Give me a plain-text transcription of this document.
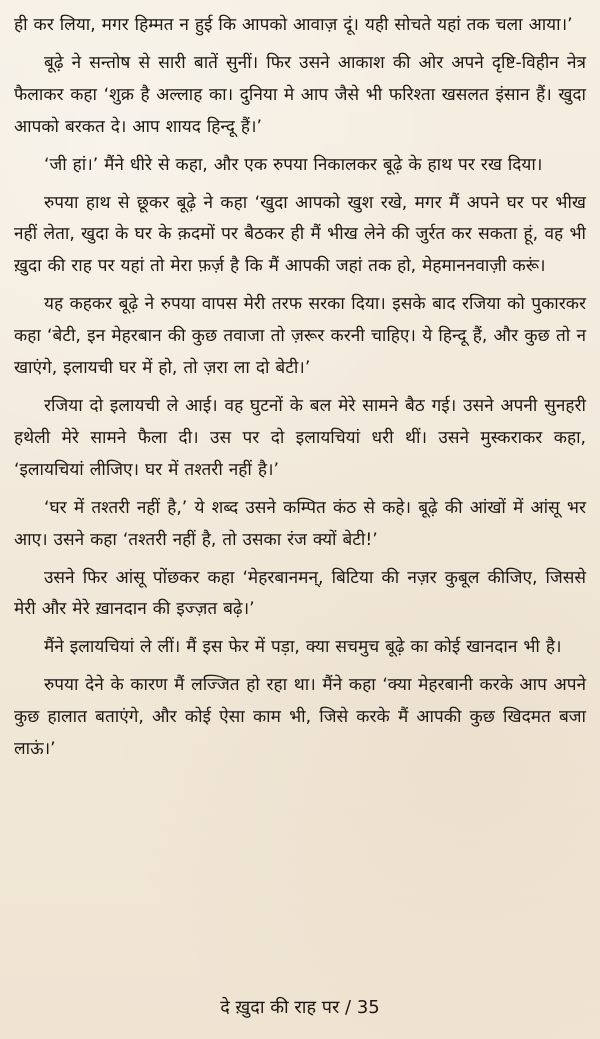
ही कर लिया, मगर हिम्मत न हुई कि आपको आवाज़ दूं। यही सोचते यहां तक चला आया।’

बूढ़े ने सन्तोष से सारी बातें सुनीं। फिर उसने आकाश की ओर अपने दृष्टि-विहीन नेत्र फैलाकर कहा ‘शुक्र है अल्लाह का। दुनिया मे आप जैसे भी फरिश्ता खसलत इंसान हैं। खुदा आपको बरकत दे। आप शायद हिन्दू हैं।’

‘जी हां।’ मैंने धीरे से कहा, और एक रुपया निकालकर बूढ़े के हाथ पर रख दिया।

रुपया हाथ से छूकर बूढ़े ने कहा ‘खुदा आपको खुश रखे, मगर मैं अपने घर पर भीख नहीं लेता, खुदा के घर के क़दमों पर बैठकर ही मैं भीख लेने की जुर्रत कर सकता हूं, वह भी ख़ुदा की राह पर यहां तो मेरा फ़र्ज़ है कि मैं आपकी जहां तक हो, मेहमाननवाज़ी करूं।

यह कहकर बूढ़े ने रुपया वापस मेरी तरफ सरका दिया। इसके बाद रजिया को पुकारकर कहा ‘बेटी, इन मेहरबान की कुछ तवाजा तो ज़रूर करनी चाहिए। ये हिन्दू हैं, और कुछ तो न खाएंगे, इलायची घर में हो, तो ज़रा ला दो बेटी।’

रजिया दो इलायची ले आई। वह घुटनों के बल मेरे सामने बैठ गई। उसने अपनी सुनहरी हथेली मेरे सामने फैला दी। उस पर दो इलायचियां धरी थीं। उसने मुस्कराकर कहा, ‘इलायचियां लीजिए। घर में तश्तरी नहीं है।’

‘घर में तश्तरी नहीं है,’ ये शब्द उसने कम्पित कंठ से कहे। बूढ़े की आंखों में आंसू भर आए। उसने कहा ‘तश्तरी नहीं है, तो उसका रंज क्यों बेटी!’

उसने फिर आंसू पोंछकर कहा ‘मेहरबानमन्, बिटिया की नज़र कुबूल कीजिए, जिससे मेरी और मेरे ख़ानदान की इज्ज़त बढ़े।’

मैंने इलायचियां ले लीं। मैं इस फेर में पड़ा, क्या सचमुच बूढ़े का कोई खानदान भी है।

रुपया देने के कारण मैं लज्जित हो रहा था। मैंने कहा ‘क्या मेहरबानी करके आप अपने कुछ हालात बताएंगे, और कोई ऐसा काम भी, जिसे करके मैं आपकी कुछ खिदमत बजा लाऊं।’

दे ख़ुदा की राह पर / 35
